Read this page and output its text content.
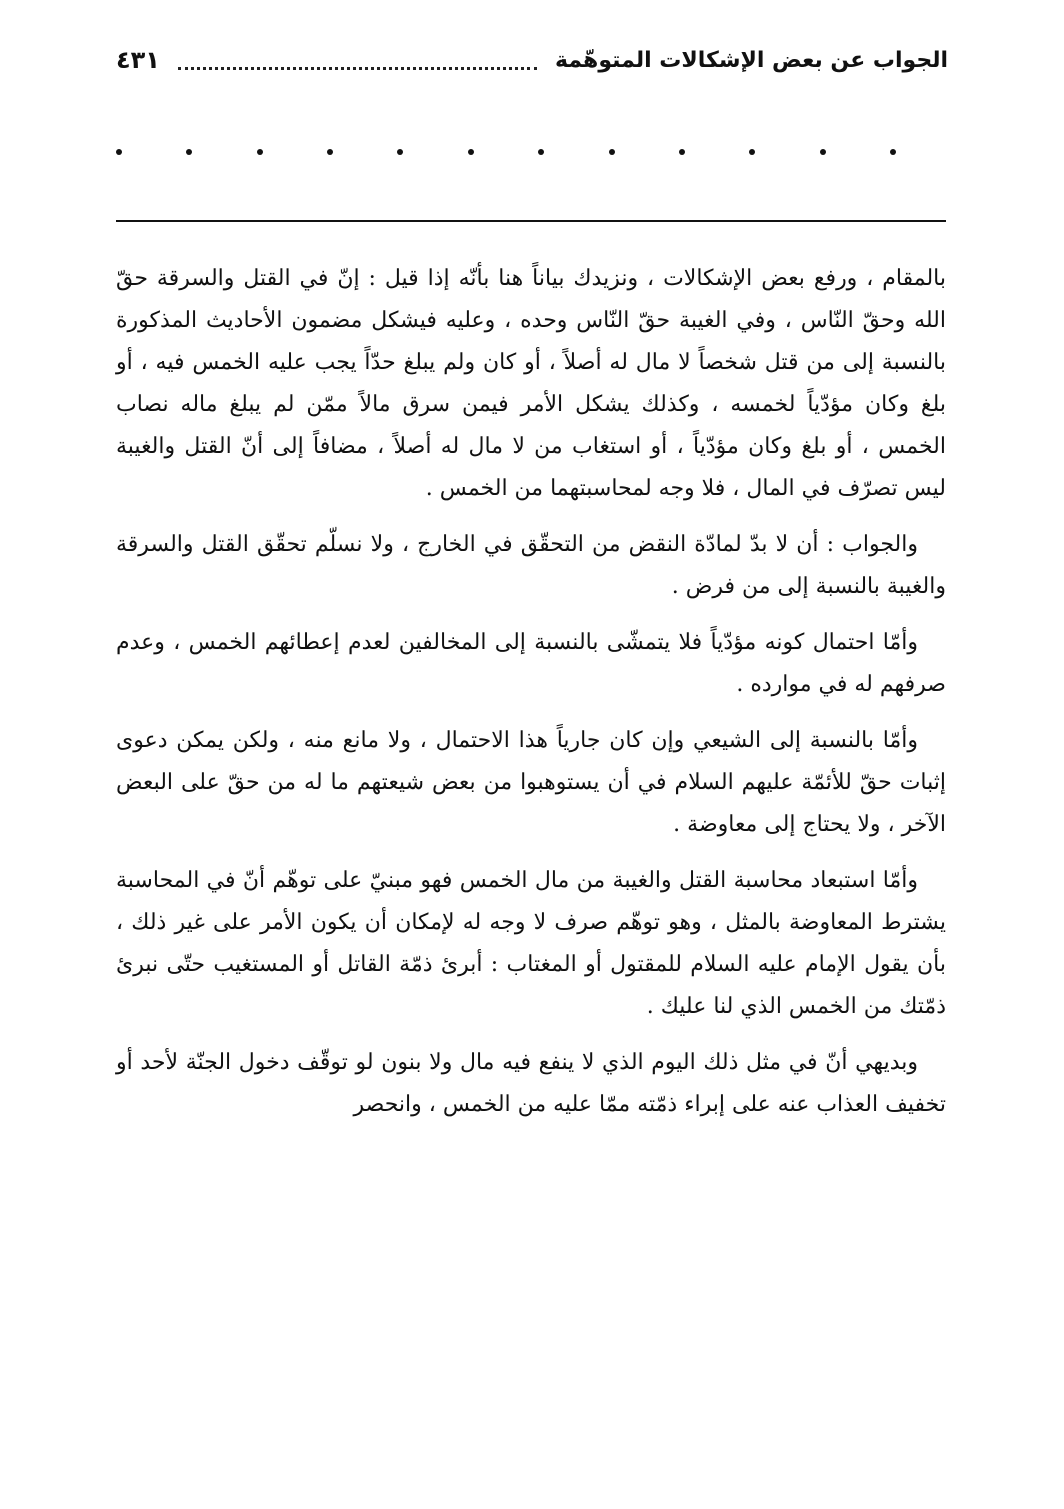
الجواب عن بعض الإشكالات المتوهّمة
٤٣١

بالمقام ، ورفع بعض الإشكالات ، ونزيدك بياناً هنا بأنّه إذا قيل : إنّ في القتل والسرقة حقّ الله وحقّ النّاس ، وفي الغيبة حقّ النّاس وحده ، وعليه فيشكل مضمون الأحاديث المذكورة بالنسبة إلى من قتل شخصاً لا مال له أصلاً ، أو كان ولم يبلغ حدّاً يجب عليه الخمس فيه ، أو بلغ وكان مؤدّياً لخمسه ، وكذلك يشكل الأمر فيمن سرق مالاً ممّن لم يبلغ ماله نصاب الخمس ، أو بلغ وكان مؤدّياً ، أو استغاب من لا مال له أصلاً ، مضافاً إلى أنّ القتل والغيبة ليس تصرّف في المال ، فلا وجه لمحاسبتهما من الخمس .

والجواب : أن لا بدّ لمادّة النقض من التحقّق في الخارج ، ولا نسلّم تحقّق القتل والسرقة والغيبة بالنسبة إلى من فرض .

وأمّا احتمال كونه مؤدّياً فلا يتمشّى بالنسبة إلى المخالفين لعدم إعطائهم الخمس ، وعدم صرفهم له في موارده .

وأمّا بالنسبة إلى الشيعي وإن كان جارياً هذا الاحتمال ، ولا مانع منه ، ولكن يمكن دعوى إثبات حقّ للأئمّة عليهم السلام في أن يستوهبوا من بعض شيعتهم ما له من حقّ على البعض الآخر ، ولا يحتاج إلى معاوضة .

وأمّا استبعاد محاسبة القتل والغيبة من مال الخمس فهو مبنيّ على توهّم أنّ في المحاسبة يشترط المعاوضة بالمثل ، وهو توهّم صرف لا وجه له لإمكان أن يكون الأمر على غير ذلك ، بأن يقول الإمام عليه السلام للمقتول أو المغتاب : أبرئ ذمّة القاتل أو المستغيب حتّى نبرئ ذمّتك من الخمس الذي لنا عليك .

وبديهي أنّ في مثل ذلك اليوم الذي لا ينفع فيه مال ولا بنون لو توقّف دخول الجنّة لأحد أو تخفيف العذاب عنه على إبراء ذمّته ممّا عليه من الخمس ، وانحصر
